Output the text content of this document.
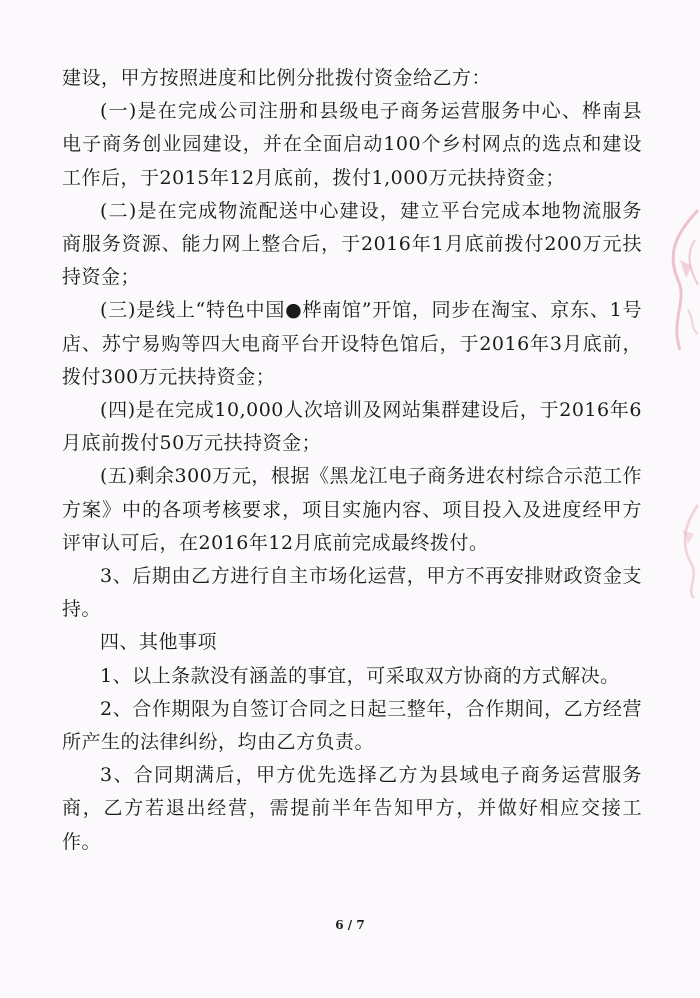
建设，甲方按照进度和比例分批拨付资金给乙方：

(一)是在完成公司注册和县级电子商务运营服务中心、桦南县电子商务创业园建设，并在全面启动100个乡村网点的选点和建设工作后，于2015年12月底前，拨付1,000万元扶持资金；

(二)是在完成物流配送中心建设，建立平台完成本地物流服务商服务资源、能力网上整合后，于2016年1月底前拨付200万元扶持资金；

(三)是线上“特色中国●桦南馆”开馆，同步在淘宝、京东、1号店、苏宁易购等四大电商平台开设特色馆后，于2016年3月底前，拨付300万元扶持资金；

(四)是在完成10,000人次培训及网站集群建设后，于2016年6月底前拨付50万元扶持资金；

(五)剩余300万元，根据《黑龙江电子商务进农村综合示范工作方案》中的各项考核要求，项目实施内容、项目投入及进度经甲方评审认可后，在2016年12月底前完成最终拨付。

3、后期由乙方进行自主市场化运营，甲方不再安排财政资金支持。

四、其他事项

1、以上条款没有涵盖的事宜，可采取双方协商的方式解决。

2、合作期限为自签订合同之日起三整年，合作期间，乙方经营所产生的法律纠纷，均由乙方负责。

3、合同期满后，甲方优先选择乙方为县域电子商务运营服务商，乙方若退出经营，需提前半年告知甲方，并做好相应交接工作。

6 / 7
